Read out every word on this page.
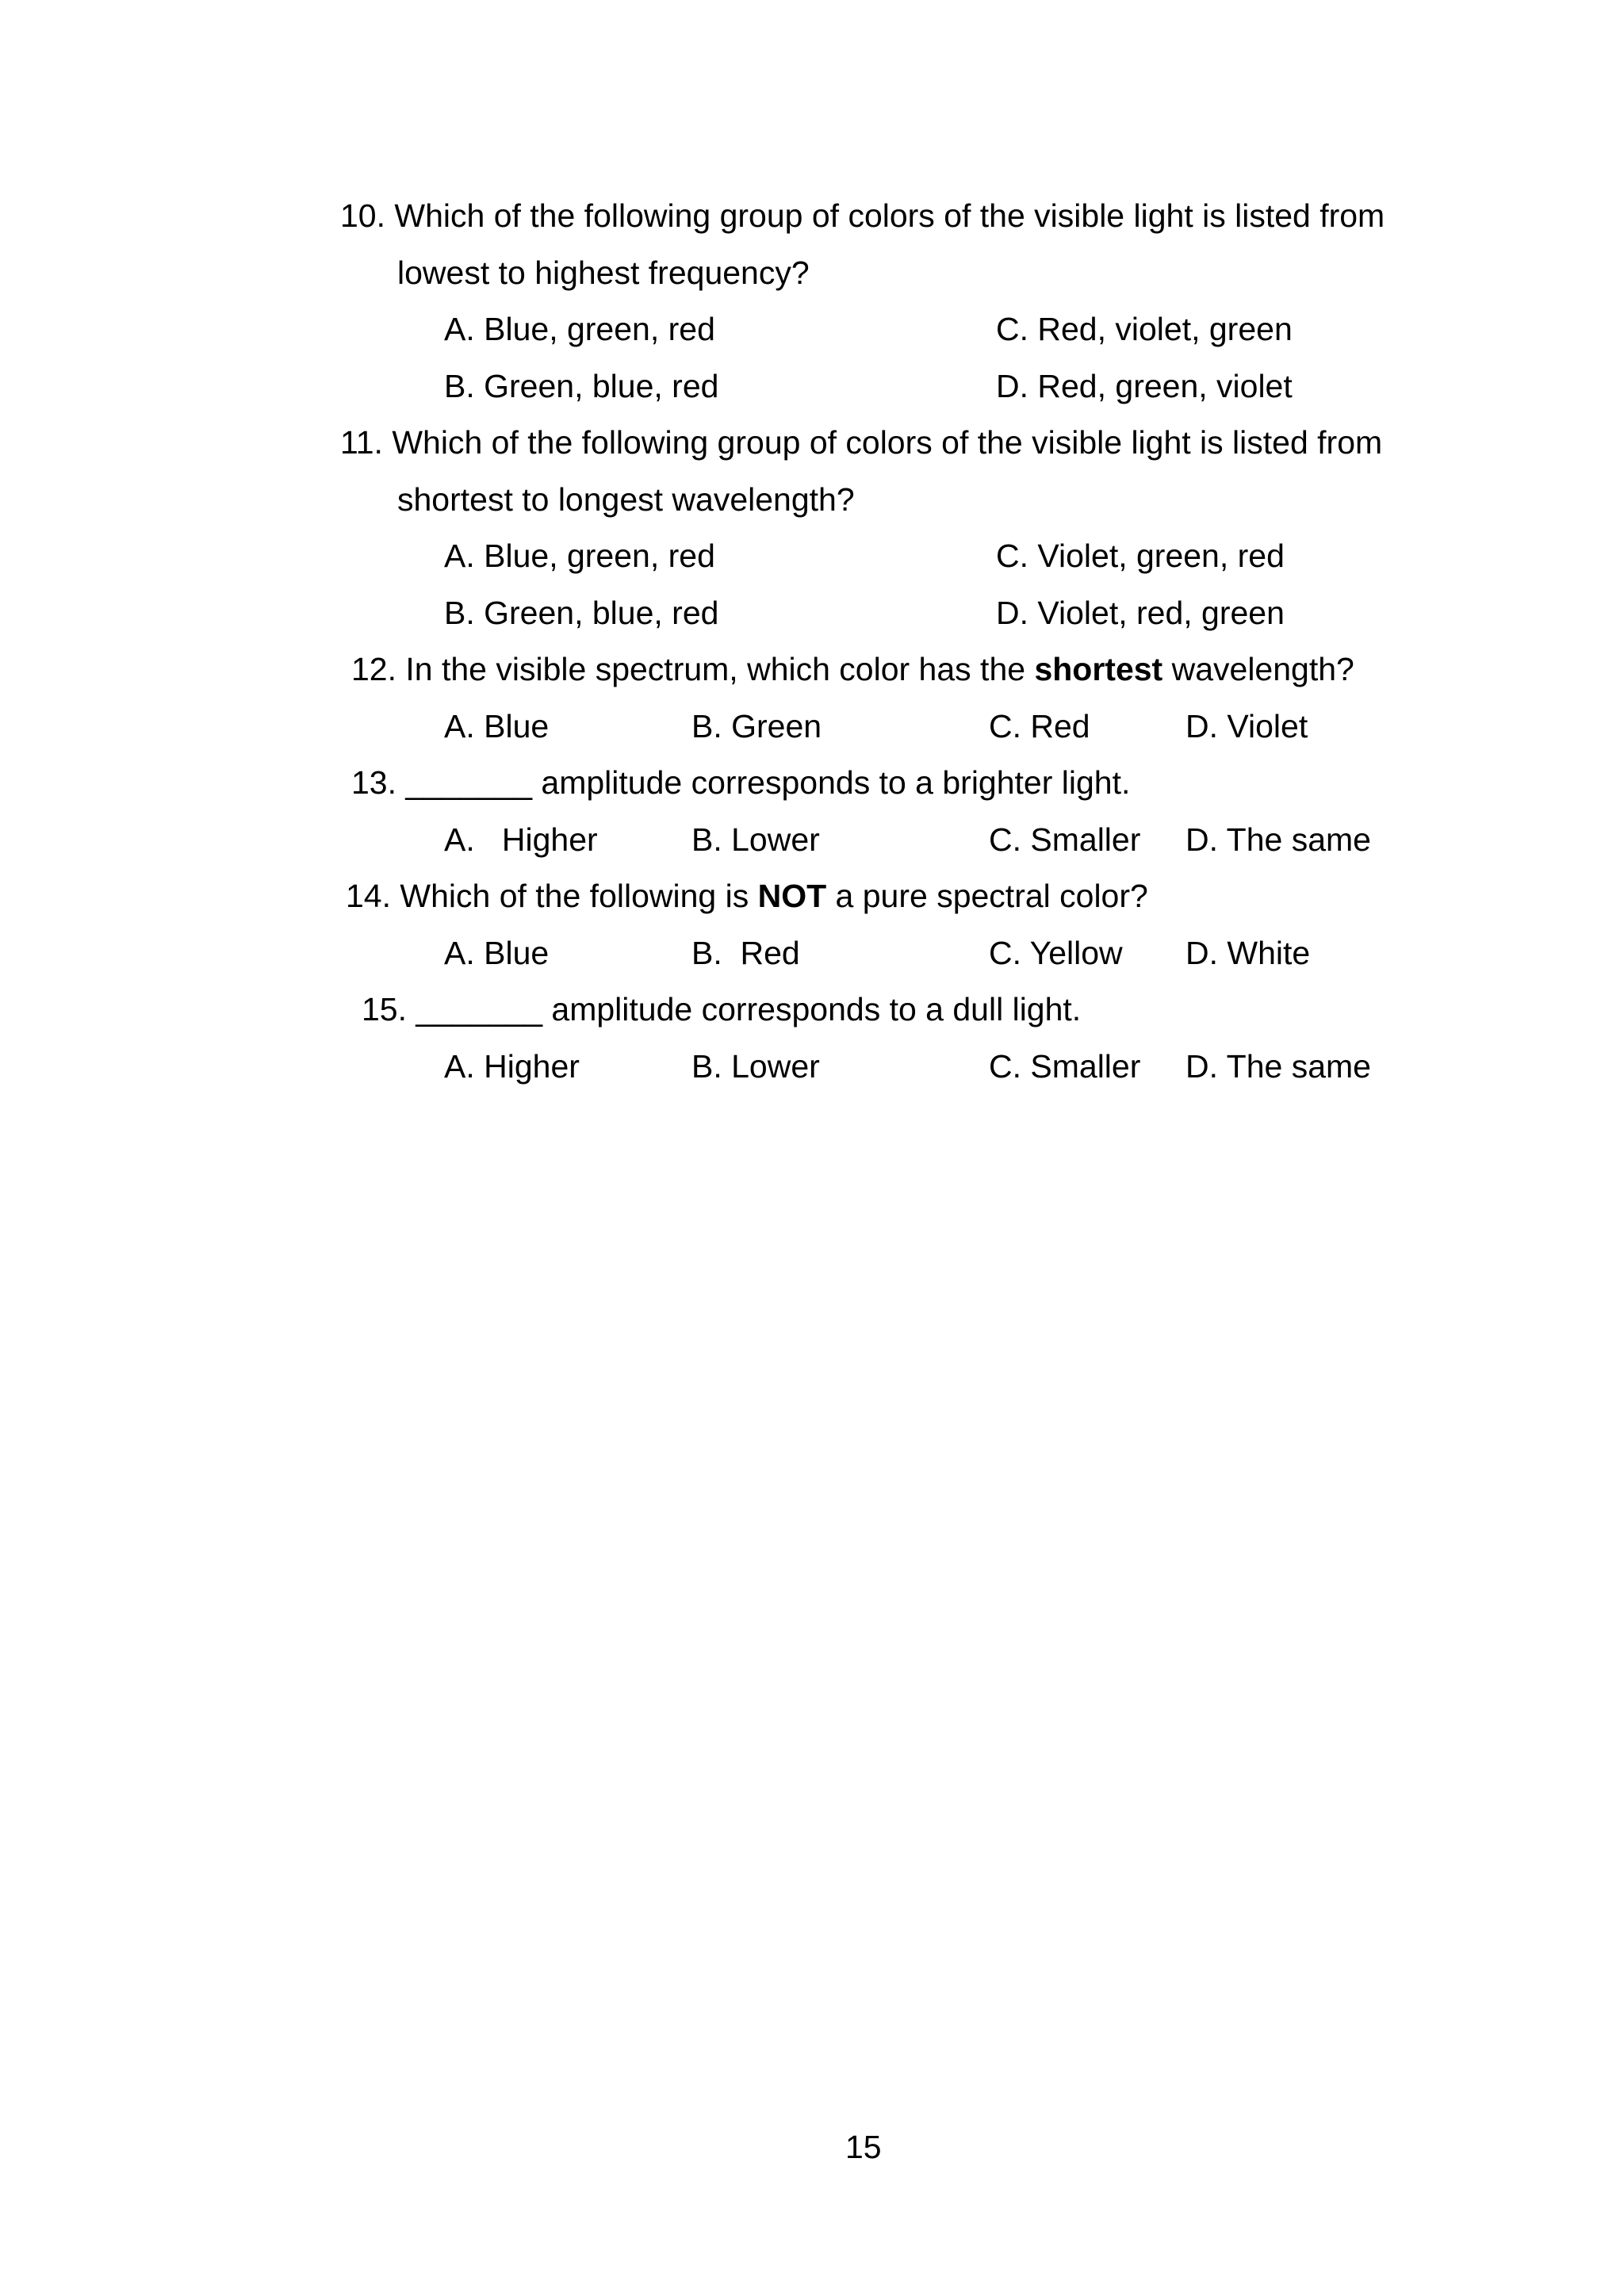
10. Which of the following group of colors of the visible light is listed from
lowest to highest frequency?
A. Blue, green, red	C. Red, violet, green
B. Green, blue, red	D. Red, green, violet
11. Which of the following group of colors of the visible light is listed from
shortest to longest wavelength?
A. Blue, green, red	C. Violet, green, red
B. Green, blue, red	D. Violet, red, green
12. In the visible spectrum, which color has the shortest wavelength?
A. Blue	B. Green	C. Red	D. Violet
13. _______ amplitude corresponds to a brighter light.
A.   Higher	B. Lower	C. Smaller D. The same
14. Which of the following is NOT a pure spectral color?
A. Blue	B.  Red	C. Yellow D. White
15. _______ amplitude corresponds to a dull light.
A. Higher	B. Lower	C. Smaller D. The same
15
